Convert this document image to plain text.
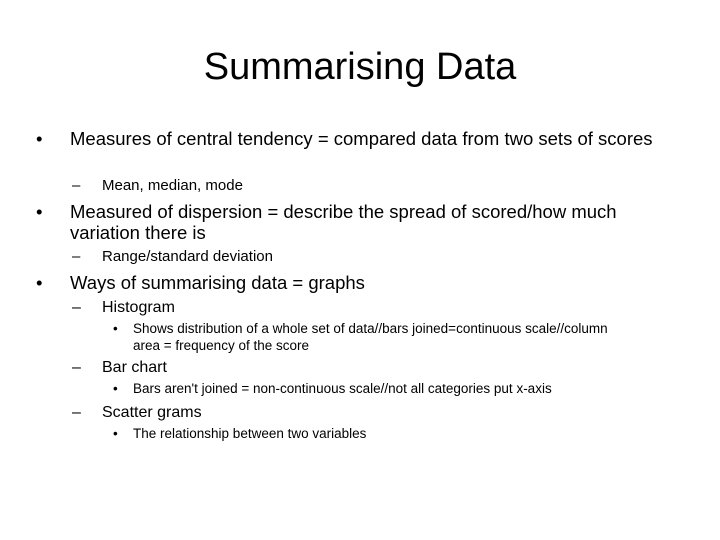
Summarising Data
•	Measures of central tendency = compared data from two sets of scores
–	Mean, median, mode
•	Measured of dispersion = describe the spread of scored/how much variation there is
–	Range/standard deviation
•	Ways of summarising data = graphs
–	Histogram
•	Shows distribution of a whole set of data//bars joined=continuous scale//column area = frequency of the score
–	Bar chart
•	Bars aren't joined = non-continuous scale//not all categories put x-axis
–	Scatter grams
•	The relationship between two variables
